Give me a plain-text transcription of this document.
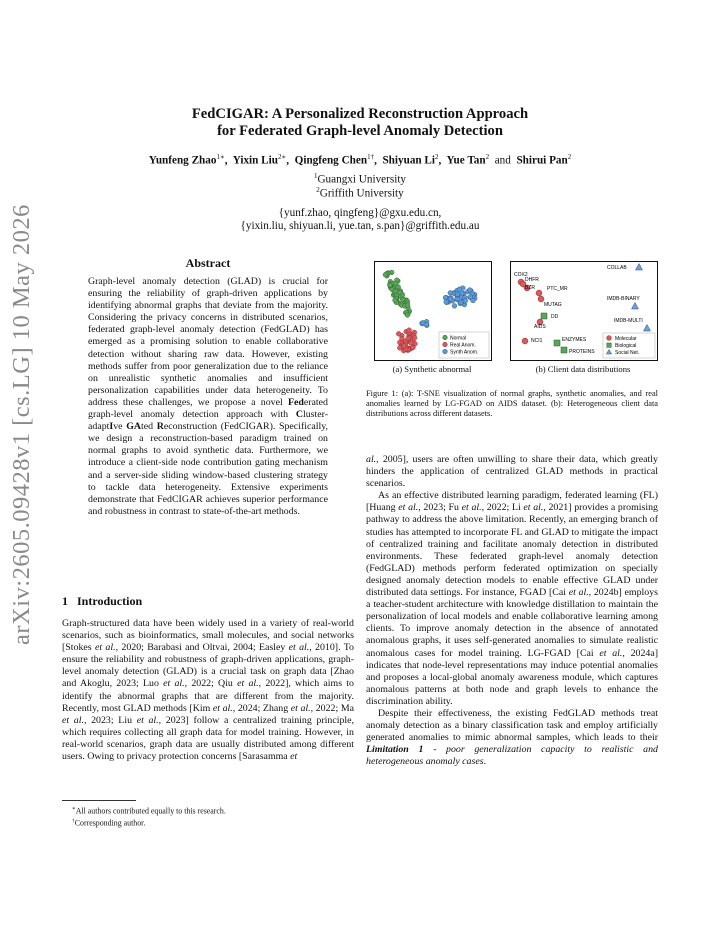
arXiv:2605.09428v1 [cs.LG] 10 May 2026
FedCIGAR: A Personalized Reconstruction Approach
for Federated Graph-level Anomaly Detection
Yunfeng Zhao$^{1∗}$,  Yixin Liu$^{2∗}$,  Qingfeng Chen$^{1\dagger}$,  Shiyuan Li$^2$,  Yue Tan$^2$ and Shirui Pan$^2$
$^1$Guangxi University
$^2$Griffith University
{yunf.zhao, qingfeng}@gxu.edu.cn,
{yixin.liu, shiyuan.li, yue.tan, s.pan}@griffith.edu.au
Abstract
Graph-level anomaly detection (GLAD) is crucial for ensuring the reliability of graph-driven applications by identifying abnormal graphs that deviate from the majority. Considering the privacy concerns in distributed scenarios, federated graph-level anomaly detection (FedGLAD) has emerged as a promising solution to enable collaborative detection without sharing raw data. However, existing methods suffer from poor generalization due to the reliance on unrealistic synthetic anomalies and insufficient personalization capabilities under data heterogeneity. To address these challenges, we propose a novel Federated graph-level anomaly detection approach with Cluster-adaptIve GAted Reconstruction (FedCIGAR). Specifically, we design a reconstruction-based paradigm trained on normal graphs to avoid synthetic data. Furthermore, we introduce a client-side node contribution gating mechanism and a server-side sliding window-based clustering strategy to tackle data heterogeneity. Extensive experiments demonstrate that FedCIGAR achieves superior performance and robustness in contrast to state-of-the-art methods.
1 Introduction

Graph-structured data have been widely used in a variety of real-world scenarios, such as bioinformatics, small molecules, and social networks [Stokes et al., 2020; Barabasi and Oltvai, 2004; Easley et al., 2010]. To ensure the reliability and robustness of graph-driven applications, graph-level anomaly detection (GLAD) is a crucial task on graph data [Zhao and Akoglu, 2023; Luo et al., 2022; Qiu et al., 2022], which aims to identify the abnormal graphs that are different from the majority. Recently, most GLAD methods [Kim et al., 2024; Zhang et al., 2022; Ma et al., 2023; Liu et al., 2023] follow a centralized training principle, which requires collecting all graph data for model training. However, in real-world scenarios, graph data are usually distributed among different users. Owing to privacy protection concerns [Sarasamma et

∗All authors contributed equally to this research.
†Corresponding author.
Normal
Real Anom.
Synth Anom.
(a) Synthetic abnormal
COLLAB
COX2
DHFR
BZR PTC_MR
MUTAG
IMDB-BINARY
DD
AIDS
IMDB-MULTI
NCI1	ENZYMES
PROTEINS
Molecular
Biological
Social Net.
(b) Client data distributions
Figure 1: (a): T-SNE visualization of normal graphs, synthetic anomalies, and real anomalies learned by LG-FGAD on AIDS dataset. (b): Heterogeneous client data distributions across different datasets.

al., 2005], users are often unwilling to share their data, which greatly hinders the application of centralized GLAD methods in practical scenarios.

As an effective distributed learning paradigm, federated learning (FL) [Huang et al., 2023; Fu et al., 2022; Li et al., 2021] provides a promising pathway to address the above limitation. Recently, an emerging branch of studies has attempted to incorporate FL and GLAD to mitigate the impact of centralized training and facilitate anomaly detection in distributed environments. These federated graph-level anomaly detection (FedGLAD) methods perform federated optimization on specially designed anomaly detection models to enable effective GLAD under distributed data settings. For instance, FGAD [Cai et al., 2024b] employs a teacher-student architecture with knowledge distillation to maintain the personalization of local models and enable collaborative learning among clients. To improve anomaly detection in the absence of annotated anomalous graphs, it uses self-generated anomalies to simulate realistic anomalous cases for model training. LG-FGAD [Cai et al., 2024a] indicates that node-level representations may induce potential anomalies and proposes a local-global anomaly awareness module, which captures anomalous patterns at both node and graph levels to enhance the discrimination ability.

Despite their effectiveness, the existing FedGLAD methods treat anomaly detection as a binary classification task and employ artificially generated anomalies to mimic abnormal samples, which leads to their Limitation 1 - poor generalization capacity to realistic and heterogeneous anomaly cases.
